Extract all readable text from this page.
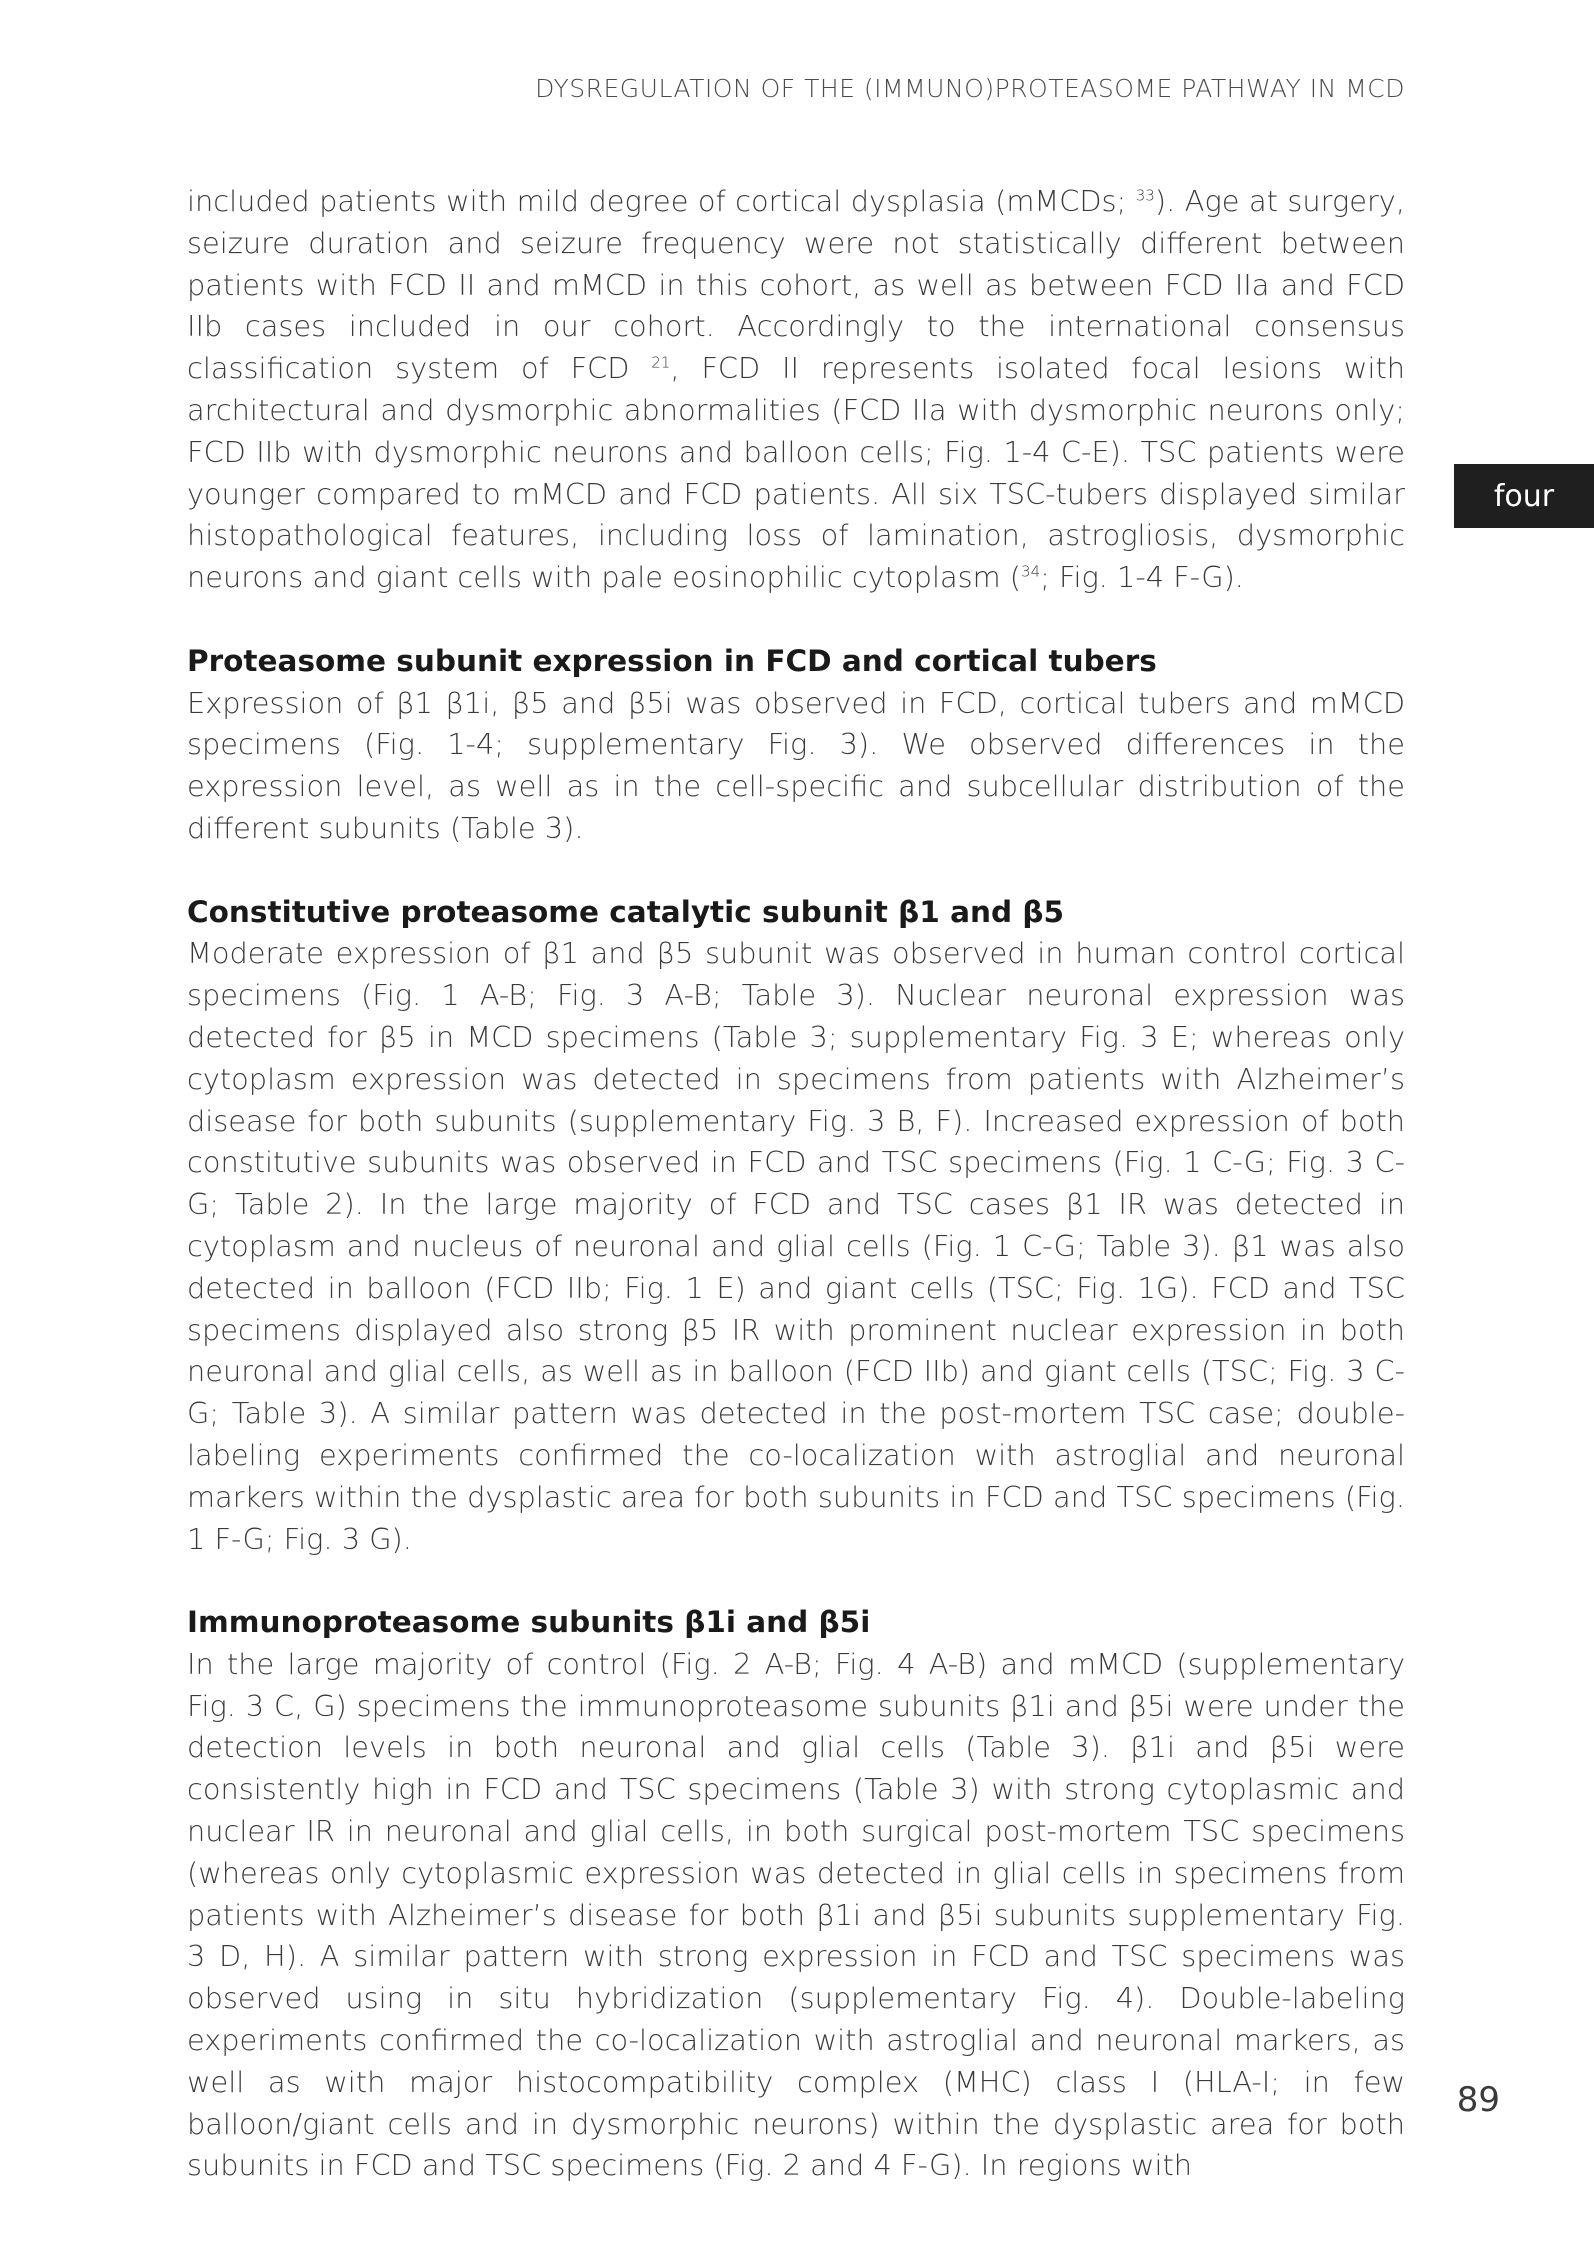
DYSREGULATION OF THE (IMMUNO)PROTEASOME PATHWAY IN MCD
four

included patients with mild degree of cortical dysplasia (mMCDs; $^{33}$). Age at surgery, seizure duration and seizure frequency were not statistically different between patients with FCD II and mMCD in this cohort, as well as between FCD IIa and FCD IIb cases included in our cohort. Accordingly to the international consensus classification system of FCD $^{21}$, FCD II represents isolated focal lesions with architectural and dysmorphic abnormalities (FCD IIa with dysmorphic neurons only; FCD IIb with dysmorphic neurons and balloon cells; Fig. 1-4 C-E). TSC patients were younger compared to mMCD and FCD patients. All six TSC-tubers displayed similar histopathological features, including loss of lamination, astrogliosis, dysmorphic neurons and giant cells with pale eosinophilic cytoplasm ($^{34}$; Fig. 1-4 F-G).

Proteasome subunit expression in FCD and cortical tubers

Expression of β1 β1i, β5 and β5i was observed in FCD, cortical tubers and mMCD specimens (Fig. 1-4; supplementary Fig. 3). We observed differences in the expression level, as well as in the cell-specific and subcellular distribution of the different subunits (Table 3).

Constitutive proteasome catalytic subunit β1 and β5

Moderate expression of β1 and β5 subunit was observed in human control cortical specimens (Fig. 1 A-B; Fig. 3 A-B; Table 3). Nuclear neuronal expression was detected for β5 in MCD specimens (Table 3; supplementary Fig. 3 E; whereas only cytoplasm expression was detected in specimens from patients with Alzheimer’s disease for both subunits (supplementary Fig. 3 B, F). Increased expression of both constitutive subunits was observed in FCD and TSC specimens (Fig. 1 C-G; Fig. 3 C-G; Table 2). In the large majority of FCD and TSC cases β1 IR was detected in cytoplasm and nucleus of neuronal and glial cells (Fig. 1 C-G; Table 3). β1 was also detected in balloon (FCD IIb; Fig. 1 E) and giant cells (TSC; Fig. 1G). FCD and TSC specimens displayed also strong β5 IR with prominent nuclear expression in both neuronal and glial cells, as well as in balloon (FCD IIb) and giant cells (TSC; Fig. 3 C-G; Table 3). A similar pattern was detected in the post-mortem TSC case; double-labeling experiments confirmed the co-localization with astroglial and neuronal markers within the dysplastic area for both subunits in FCD and TSC specimens (Fig. 1 F-G; Fig. 3 G).

Immunoproteasome subunits β1i and β5i

In the large majority of control (Fig. 2 A-B; Fig. 4 A-B) and mMCD (supplementary Fig. 3 C, G) specimens the immunoproteasome subunits β1i and β5i were under the detection levels in both neuronal and glial cells (Table 3). β1i and β5i were consistently high in FCD and TSC specimens (Table 3) with strong cytoplasmic and nuclear IR in neuronal and glial cells, in both surgical post-mortem TSC specimens (whereas only cytoplasmic expression was detected in glial cells in specimens from patients with Alzheimer’s disease for both β1i and β5i subunits supplementary Fig. 3 D, H). A similar pattern with strong expression in FCD and TSC specimens was observed using in situ hybridization (supplementary Fig. 4). Double-labeling experiments confirmed the co-localization with astroglial and neuronal markers, as well as with major histocompatibility complex (MHC) class I (HLA-I; in few balloon/giant cells and in dysmorphic neurons) within the dysplastic area for both subunits in FCD and TSC specimens (Fig. 2 and 4 F-G). In regions with

89
